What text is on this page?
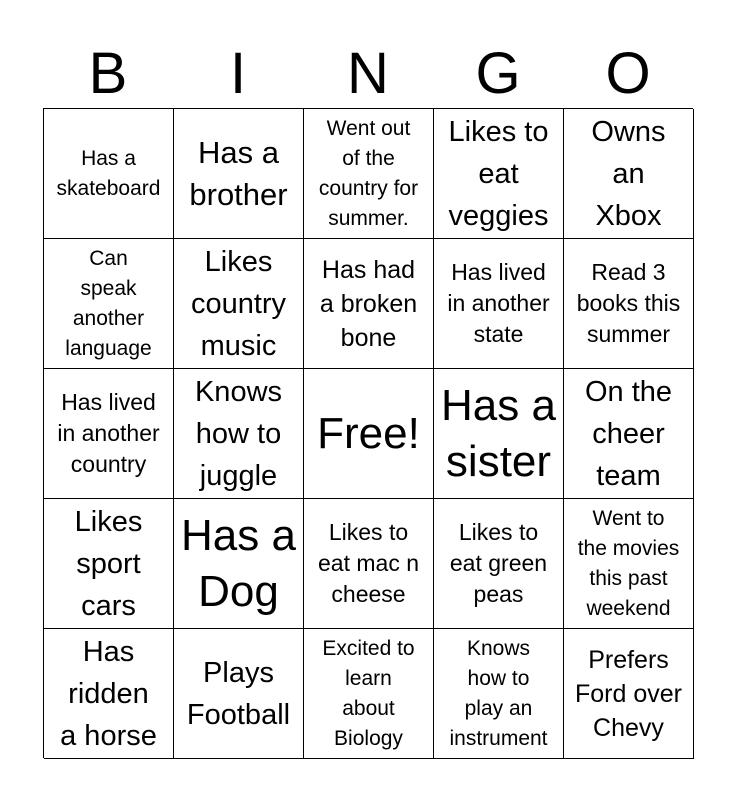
B	I	N	G	O
Has a
skateboard
Has a
brother
Went out
of the
country for
summer.
Likes to
eat
veggies
Owns
an
Xbox
Can
speak
another
language
Likes
country
music
Has had
a broken
bone
Has lived
in another
state
Read 3
books this
summer
Has lived
in another
country
Knows
how to
juggle
Free!
Has a
sister
On the
cheer
team
Likes
sport
cars
Has a
Dog
Likes to
eat mac n
cheese
Likes to
eat green
peas
Went to
the movies
this past
weekend
Has
ridden
a horse
Plays
Football
Excited to
learn
about
Biology
Knows
how to
play an
instrument
Prefers
Ford over
Chevy
